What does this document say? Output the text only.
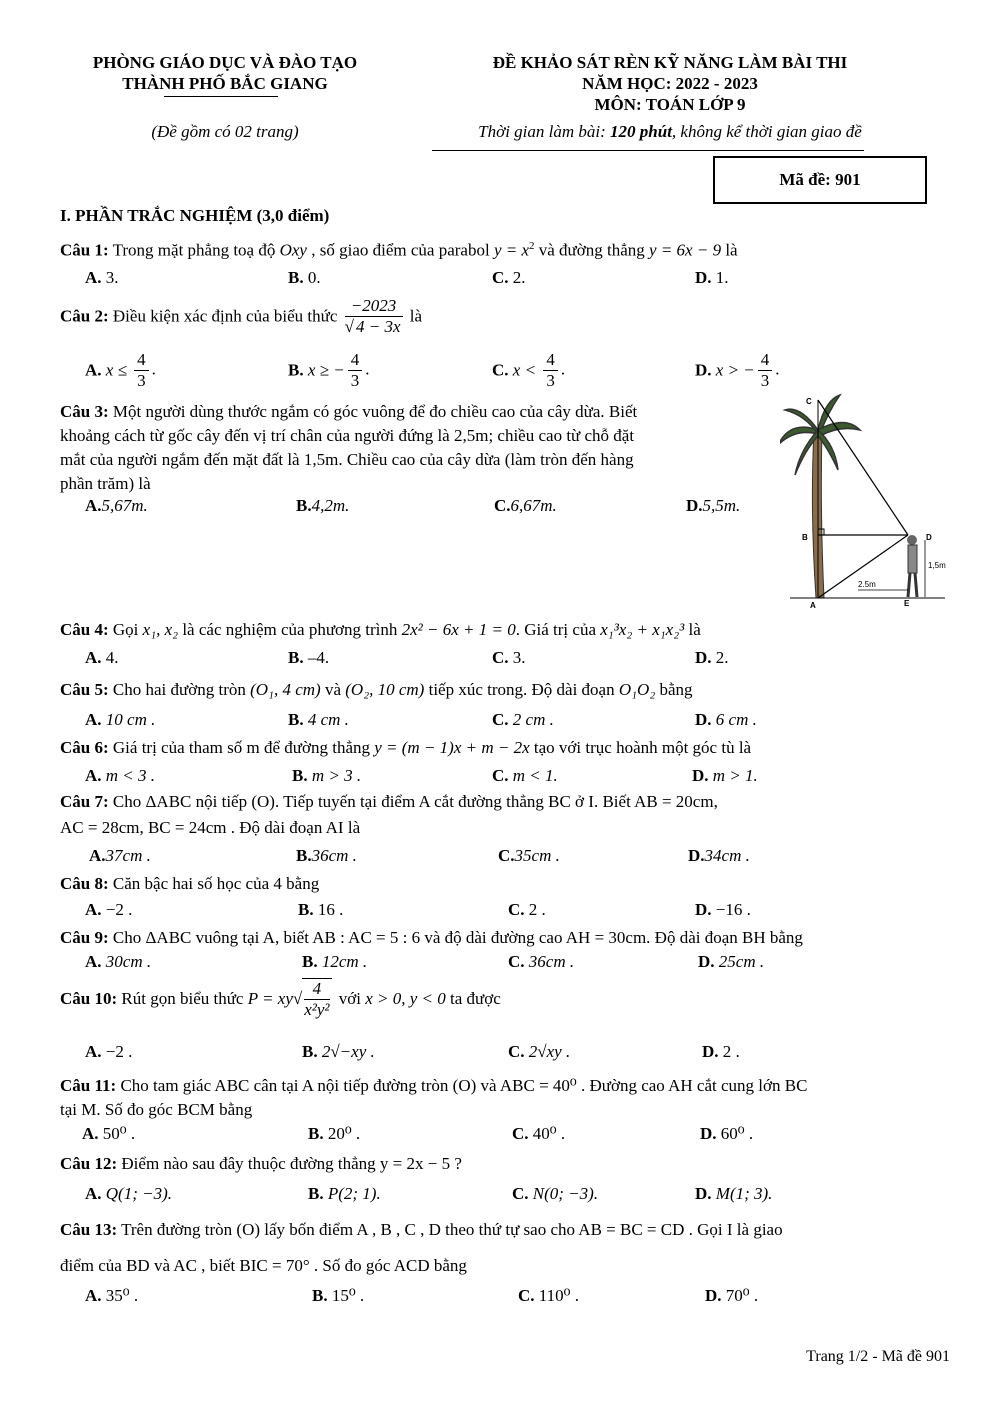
PHÒNG GIÁO DỤC VÀ ĐÀO TẠO
THÀNH PHỐ BẮC GIANG
(Đề gồm có 02 trang)
ĐỀ KHẢO SÁT RÈN KỸ NĂNG LÀM BÀI THI
NĂM HỌC: 2022 - 2023
MÔN: TOÁN LỚP 9
Thời gian làm bài: 120 phút, không kể thời gian giao đề
Mã đề: 901
I. PHẦN TRẮC NGHIỆM (3,0 điểm)
Câu 1: Trong mặt phẳng toạ độ Oxy , số giao điểm của parabol $y = x^2$ và đường thẳng y = 6x − 9 là
A. 3.	B. 0.	C. 2.	D. 1.
Câu 2: Điều kiện xác định của biểu thức $\frac{-2023}{√ 4 - 3x}$ là
A. $x \le \frac{4}{3}$ .	B. x ≥ − $\frac{4}{3}$ .	C. $x < \frac{4}{3}$ .	D. x > − $\frac{4}{3}$ .
Câu 3: Một người dùng thước ngắm có góc vuông để đo chiều cao của cây dừa. Biết
khoảng cách từ gốc cây đến vị trí chân của người đứng là 2,5m; chiều cao từ chỗ đặt
mắt của người ngắm đến mặt đất là 1,5m. Chiều cao của cây dừa (làm tròn đến hàng
phần trăm) là
A.5,67m.	B.4,2m.	C.6,67m.	D.5,5m.
C
B	D
A	E
2.5m
1,5m
Câu 4: Gọi x₁, x₂ là các nghiệm của phương trình 2x² − 6x + 1 = 0. Giá trị của x₁³x₂ + x₁x₂³ là
A. 4.	B. –4.	C. 3.	D. 2.
Câu 5: Cho hai đường tròn (O₁, 4 cm) và (O₂, 10 cm) tiếp xúc trong. Độ dài đoạn O₁O₂ bằng
A. 10 cm .	B. 4 cm .	C. 2 cm .	D. 6 cm .
Câu 6: Giá trị của tham số m để đường thẳng y = (m − 1)x + m − 2x tạo với trục hoành một góc tù là
A. m < 3 .	B. m > 3 .	C. m < 1.	D. m > 1.
Câu 7: Cho ΔABC nội tiếp (O). Tiếp tuyến tại điểm A cắt đường thẳng BC ở I. Biết AB = 20cm,
AC = 28cm, BC = 24cm . Độ dài đoạn AI là
A.37cm .	B.36cm .	C.35cm .	D.34cm .
Câu 8: Căn bậc hai số học của 4 bằng
A. −2 .	B. 16 .	C. 2 .	D. −16 .
Câu 9: Cho ΔABC vuông tại A, biết AB : AC = 5 : 6 và độ dài đường cao AH = 30cm. Độ dài đoạn BH bằng
A. 30cm .	B. 12cm .	C. 36cm .	D. 25cm .
Câu 10: Rút gọn biểu thức $P = xy√ \frac{4}{\text{x²y²}}$ với x > 0, y < 0 ta được
A. −2 .	B. 2√−xy .	C. 2√xy .	D. 2 .
Câu 11: Cho tam giác ABC cân tại A nội tiếp đường tròn (O) và ABC = 40⁰ . Đường cao AH cắt cung lớn BC
tại M. Số đo góc BCM bằng
A. 50⁰ .	B. 20⁰ .	C. 40⁰ .	D. 60⁰ .
Câu 12: Điểm nào sau đây thuộc đường thẳng y = 2x − 5 ?
A. Q(1; −3).	B. P(2; 1).	C. N(0; −3).	D. M(1; 3).
Câu 13: Trên đường tròn (O) lấy bốn điểm A , B , C , D theo thứ tự sao cho AB = BC = CD . Gọi I là giao
điểm của BD và AC , biết BIC = 70° . Số đo góc ACD bằng
A. 35⁰ .	B. 15⁰ .	C. 110⁰ .	D. 70⁰ .
Trang 1/2 - Mã đề 901
